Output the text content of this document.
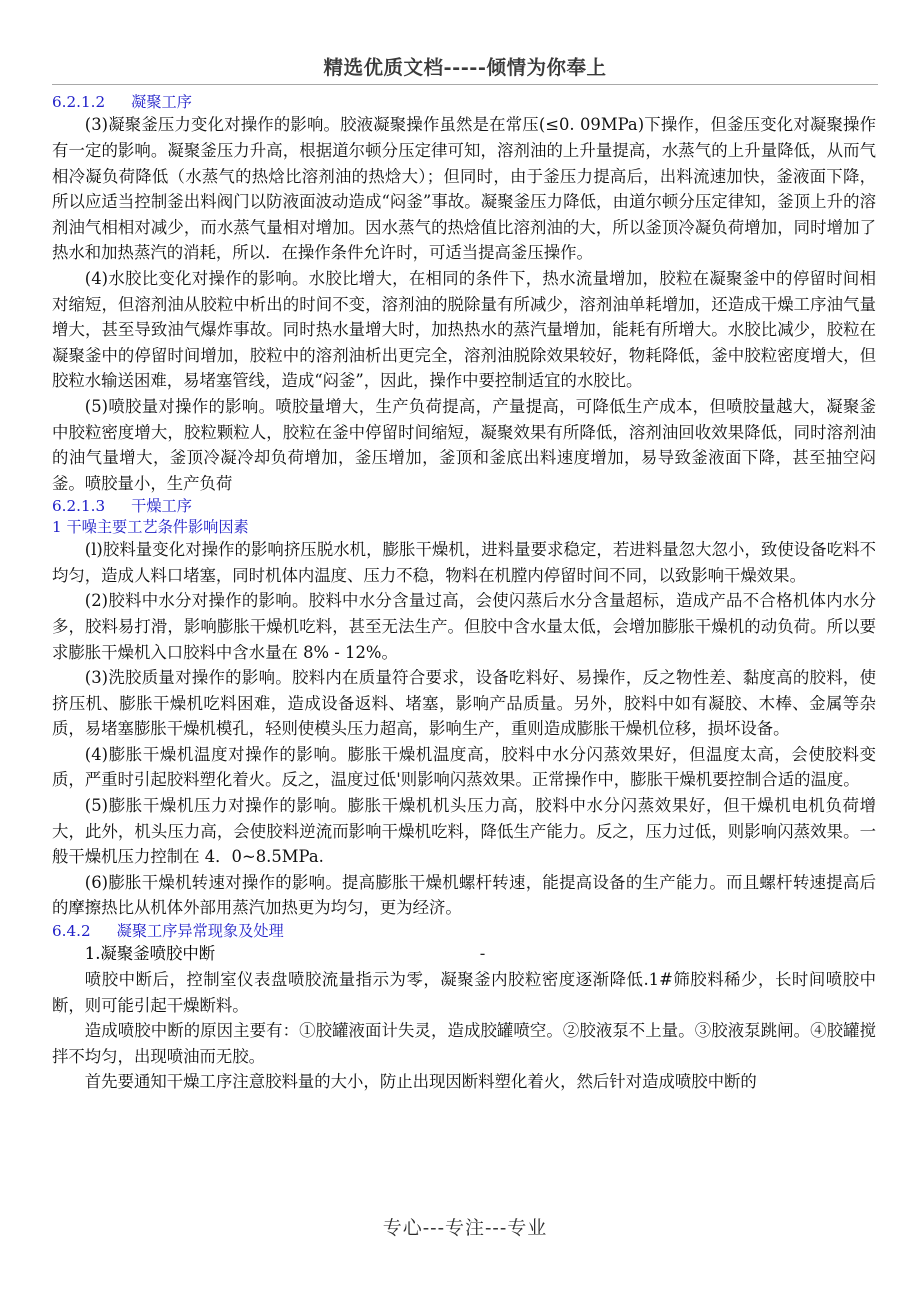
精选优质文档-----倾情为你奉上
6.2.1.2 凝聚工序

(3)凝聚釜压力变化对操作的影响。胶液凝聚操作虽然是在常压(≤0. 09MPa)下操作，但釜压变化对凝聚操作有一定的影响。凝聚釜压力升高，根据道尔顿分压定律可知，溶剂油的上升量提高，水蒸气的上升量降低，从而气相冷凝负荷降低（水蒸气的热焓比溶剂油的热焓大）；但同时，由于釜压力提高后，出料流速加快，釜液面下降，所以应适当控制釜出料阀门以防液面波动造成“闷釜”事故。凝聚釜压力降低，由道尔顿分压定律知，釜顶上升的溶剂油气相相对减少，而水蒸气量相对增加。因水蒸气的热焓值比溶剂油的大，所以釜顶冷凝负荷增加，同时增加了热水和加热蒸汽的消耗，所以．在操作条件允许时，可适当提高釜压操作。

(4)水胶比变化对操作的影响。水胶比增大，在相同的条件下，热水流量增加，胶粒在凝聚釜中的停留时间相对缩短，但溶剂油从胶粒中析出的时间不变，溶剂油的脱除量有所减少，溶剂油单耗增加，还造成干燥工序油气量增大，甚至导致油气爆炸事故。同时热水量增大时，加热热水的蒸汽量增加，能耗有所增大。水胶比减少，胶粒在凝聚釜中的停留时间增加，胶粒中的溶剂油析出更完全，溶剂油脱除效果较好，物耗降低，釜中胶粒密度增大，但胶粒水输送困难，易堵塞管线，造成“闷釜”，因此，操作中要控制适宜的水胶比。

(5)喷胶量对操作的影响。喷胶量增大，生产负荷提高，产量提高，可降低生产成本，但喷胶量越大，凝聚釜中胶粒密度增大，胶粒颗粒人，胶粒在釜中停留时间缩短，凝聚效果有所降低，溶剂油回收效果降低，同时溶剂油的油气量增大，釜顶冷凝冷却负荷增加，釜压增加，釜顶和釜底出料速度增加，易导致釜液面下降，甚至抽空闷釜。喷胶量小，生产负荷

6.2.1.3 干燥工序
1 干噪主要工艺条件影响因素

(l)胶料量变化对操作的影响挤压脱水机，膨胀干燥机，进料量要求稳定，若进料量忽大忽小，致使设备吃料不均匀，造成人料口堵塞，同时机体内温度、压力不稳，物料在机膛内停留时间不同，以致影响干燥效果。

(2)胶料中水分对操作的影响。胶料中水分含量过高，会使闪蒸后水分含量超标，造成产品不合格机体内水分多，胶料易打滑，影响膨胀干燥机吃料，甚至无法生产。但胶中含水量太低，会增加膨胀干燥机的动负荷。所以要求膨胀干燥机入口胶料中含水量在 8% - 12%。

(3)洗胶质量对操作的影响。胶料内在质量符合要求，设备吃料好、易操作，反之物性差、黏度高的胶料，使挤压机、膨胀干燥机吃料困难，造成设备返料、堵塞，影响产品质量。另外，胶料中如有凝胶、木棒、金属等杂质，易堵塞膨胀干燥机模孔，轻则使模头压力超高，影响生产，重则造成膨胀干燥机位移，损坏设备。

(4)膨胀干燥机温度对操作的影响。膨胀干燥机温度高，胶料中水分闪蒸效果好，但温度太高，会使胶料变质，严重时引起胶料塑化着火。反之，温度过低'则影响闪蒸效果。正常操作中，膨胀干燥机要控制合适的温度。

(5)膨胀干燥机压力对操作的影响。膨胀干燥机机头压力高，胶料中水分闪蒸效果好，但干燥机电机负荷增大，此外，机头压力高，会使胶料逆流而影响干燥机吃料，降低生产能力。反之，压力过低，则影响闪蒸效果。一般干燥机压力控制在 4．0~8.5MPa.

(6)膨胀干燥机转速对操作的影响。提高膨胀干燥机螺杆转速，能提高设备的生产能力。而且螺杆转速提高后的摩擦热比从机体外部用蒸汽加热更为均匀，更为经济。

6.4.2 凝聚工序异常现象及处理
1.凝聚釜喷胶中断	-

喷胶中断后，控制室仪表盘喷胶流量指示为零，凝聚釜内胶粒密度逐渐降低.1#筛胶料稀少，长时间喷胶中断，则可能引起干燥断料。

造成喷胶中断的原因主要有：①胶罐液面计失灵，造成胶罐喷空。②胶液泵不上量。③胶液泵跳闸。④胶罐搅拌不均匀，出现喷油而无胶。

首先要通知干燥工序注意胶料量的大小，防止出现因断料塑化着火，然后针对造成喷胶中断的

专心---专注---专业
